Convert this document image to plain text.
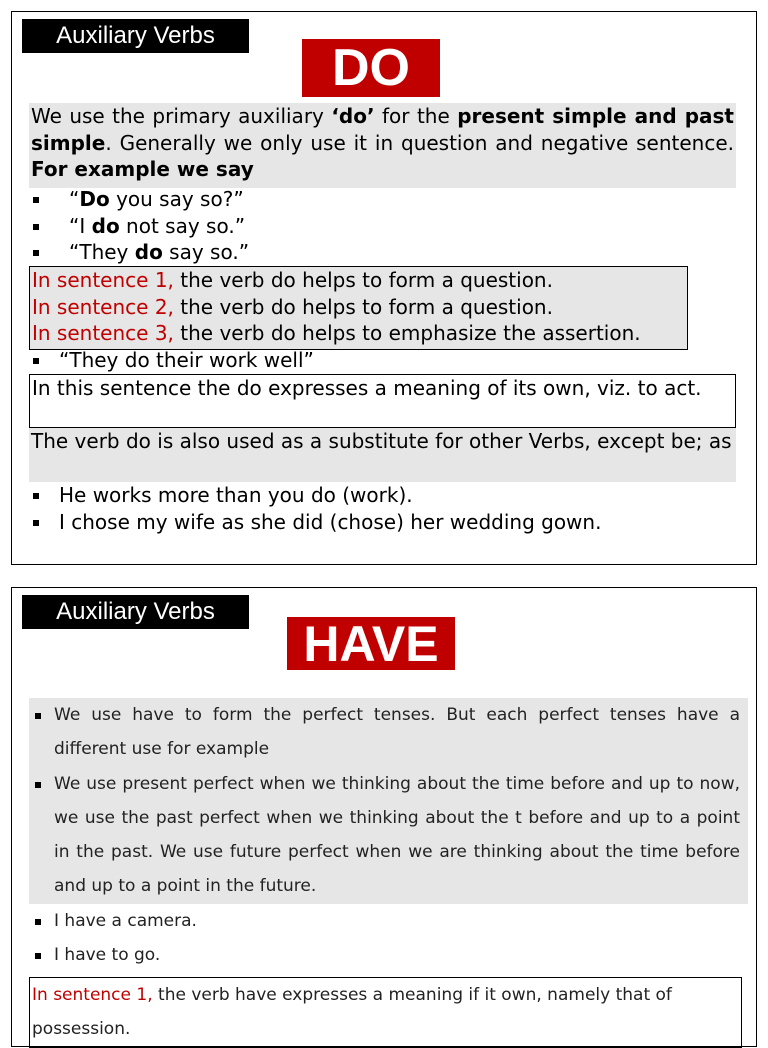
Auxiliary Verbs
DO
We use the primary auxiliary ‘do’ for the present simple and past simple. Generally we only use it in question and negative sentence. For example we say
“Do you say so?”
“I do not say so.”
“They do say so.”
In sentence 1, the verb do helps to form a question.
In sentence 2, the verb do helps to form a question.
In sentence 3, the verb do helps to emphasize the assertion.
“They do their work well”
In this sentence the do expresses a meaning of its own, viz. to act.
The verb do is also used as a substitute for other Verbs, except be; as
He works more than you do (work).
I chose my wife as she did (chose) her wedding gown.
Auxiliary Verbs
HAVE
We use have to form the perfect tenses. But each perfect tenses have a different use for example
We use present perfect when we thinking about the time before and up to now, we use the past perfect when we thinking about the t before and up to a point in the past. We use future perfect when we are thinking about the time before and up to a point in the future.
I have a camera.
I have to go.
In sentence 1, the verb have expresses a meaning if it own, namely that of possession.
